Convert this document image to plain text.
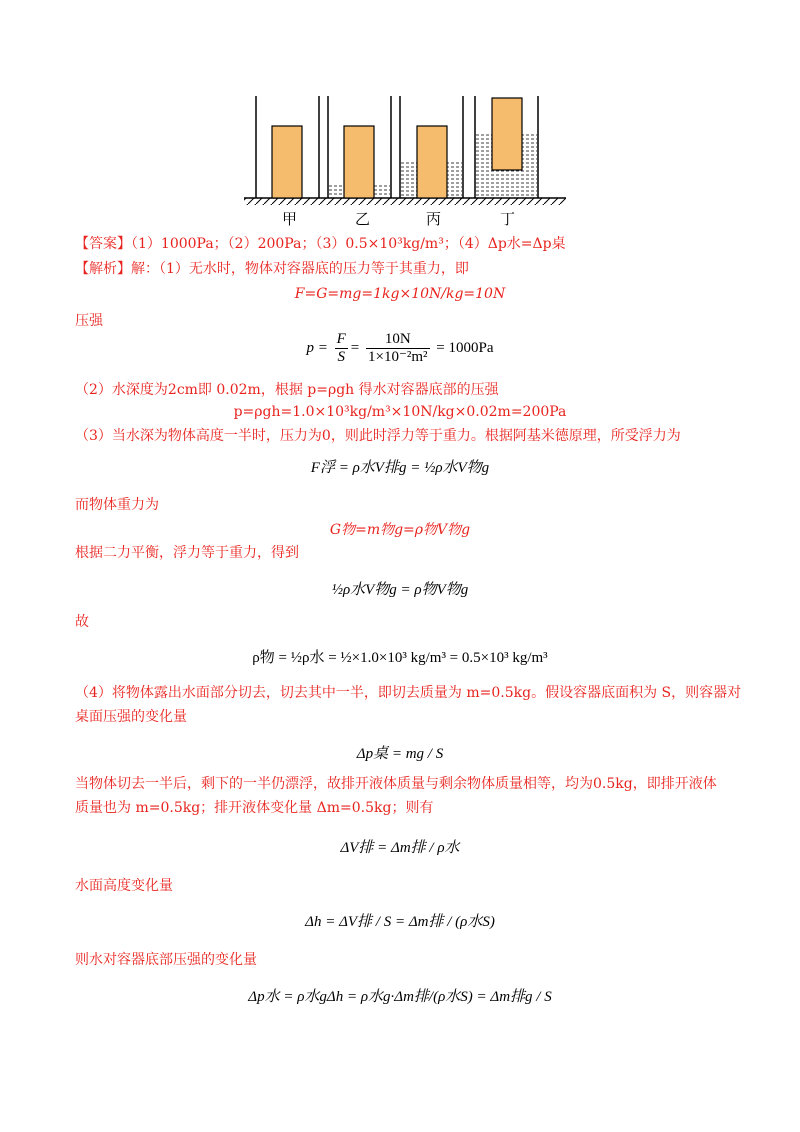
甲	乙	丙	丁
【答案】（1）1000Pa；（2）200Pa；（3）0.5×10³kg/m³；（4）Δp水=Δp桌
【解析】解：（1）无水时，物体对容器底的压力等于其重力，即
F=G=mg=1kg×10N/kg=10N
压强
$p = \frac{F}{S} = \frac{10N}{\text{1×10⁻²m²}} = 1000Pa$
（2）水深度为2cm即 0.02m，根据 p=ρgh 得水对容器底部的压强
p=ρgh=1.0×10³kg/m³×10N/kg×0.02m=200Pa
（3）当水深为物体高度一半时，压力为0，则此时浮力等于重力。根据阿基米德原理，所受浮力为
F浮 = ρ水V排g = ½ρ水V物g
而物体重力为
G物=m物g=ρ物V物g
根据二力平衡，浮力等于重力，得到
½ρ水V物g = ρ物V物g
故
ρ物 = ½ρ水 = ½×1.0×10³ kg/m³ = 0.5×10³ kg/m³
（4）将物体露出水面部分切去，切去其中一半，即切去质量为 m=0.5kg。假设容器底面积为 S，则容器对
桌面压强的变化量
Δp桌 = mg / S
当物体切去一半后，剩下的一半仍漂浮，故排开液体质量与剩余物体质量相等，均为0.5kg，即排开液体
质量也为 m=0.5kg；排开液体变化量 Δm=0.5kg；则有
ΔV排 = Δm排 / ρ水
水面高度变化量
Δh = ΔV排 / S = Δm排 / (ρ水S)
则水对容器底部压强的变化量
Δp水 = ρ水gΔh = ρ水g·Δm排/(ρ水S) = Δm排g / S
